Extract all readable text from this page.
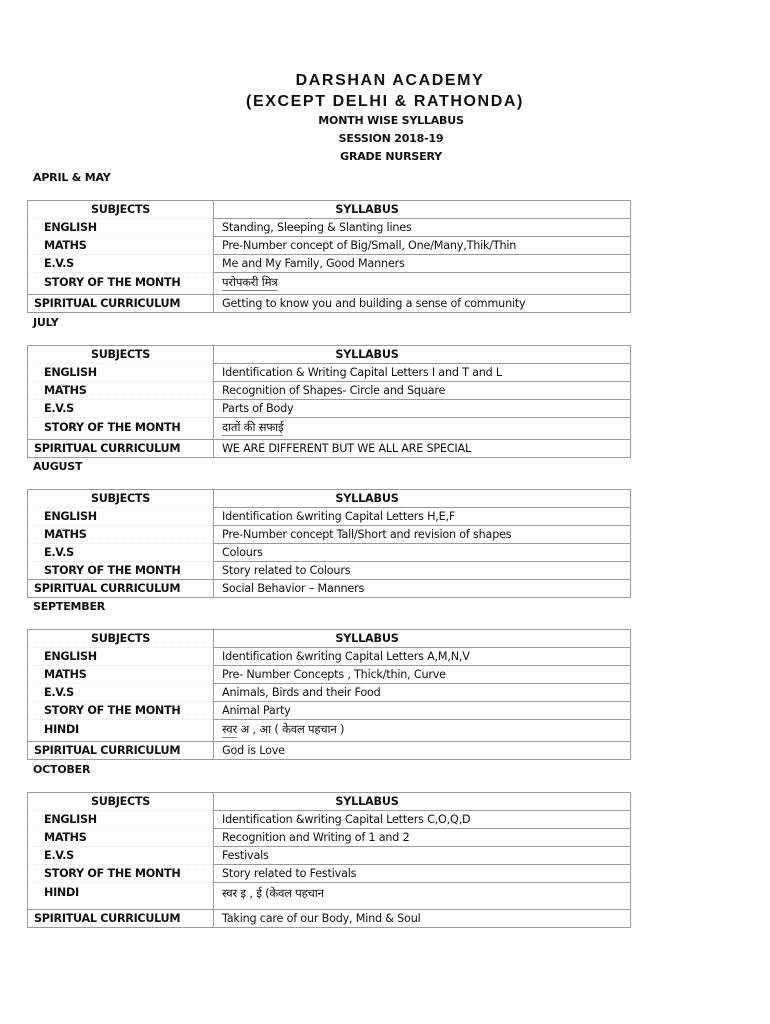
DARSHAN ACADEMY
(EXCEPT DELHI & RATHONDA)
MONTH WISE SYLLABUS
SESSION 2018-19
GRADE NURSERY
APRIL & MAY
SUBJECTS	SYLLABUS
ENGLISH	Standing, Sleeping & Slanting lines
MATHS	Pre-Number concept of Big/Small, One/Many,Thik/Thin
E.V.S	Me and My Family, Good Manners
STORY OF THE MONTH	परोपकरी मित्र
SPIRITUAL CURRICULUM	Getting to know you and building a sense of community
JULY
SUBJECTS	SYLLABUS
ENGLISH	Identification & Writing Capital Letters I and T and L
MATHS	Recognition of Shapes- Circle and Square
E.V.S	Parts of Body
STORY OF THE MONTH	दातों की सफाई
SPIRITUAL CURRICULUM	WE ARE DIFFERENT BUT WE ALL ARE SPECIAL
AUGUST
SUBJECTS	SYLLABUS
ENGLISH	Identification &writing Capital Letters H,E,F
MATHS	Pre-Number concept Tall/Short and revision of shapes
E.V.S	Colours
STORY OF THE MONTH	Story related to Colours
SPIRITUAL CURRICULUM	Social Behavior – Manners
SEPTEMBER
SUBJECTS	SYLLABUS
ENGLISH	Identification &writing Capital Letters A,M,N,V
MATHS	Pre- Number Concepts , Thick/thin, Curve
E.V.S	Animals, Birds and their Food
STORY OF THE MONTH	Animal Party
HINDI	स्वर अ , आ ( केवल पहचान )
SPIRITUAL CURRICULUM	God is Love
OCTOBER
SUBJECTS	SYLLABUS
ENGLISH	Identification &writing Capital Letters C,O,Q,D
MATHS	Recognition and Writing of 1 and 2
E.V.S	Festivals
STORY OF THE MONTH	Story related to Festivals
HINDI	स्वर इ , ई (केवल पहचान
SPIRITUAL CURRICULUM	Taking care of our Body, Mind & Soul
